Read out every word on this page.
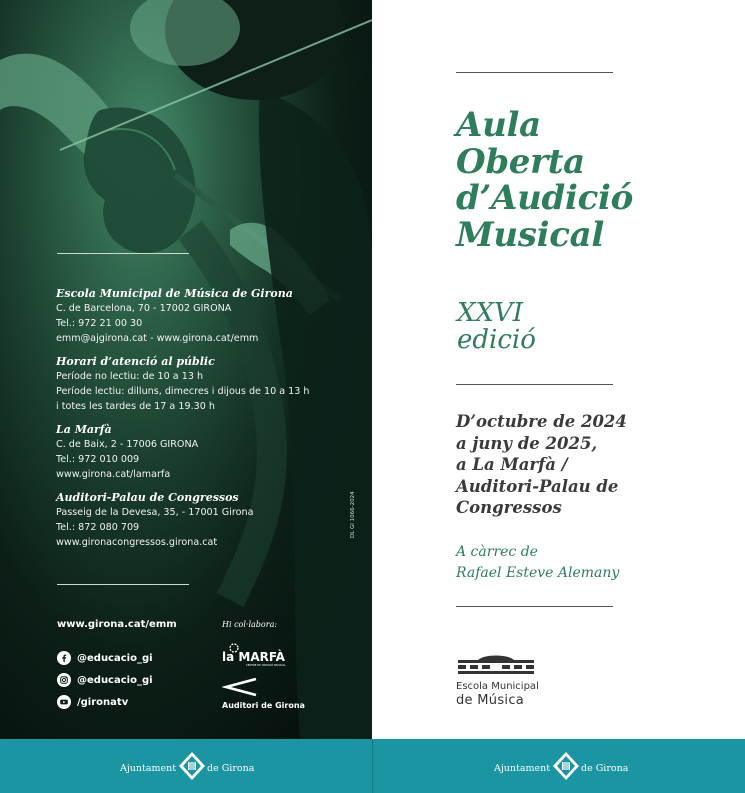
Escola Municipal de Música de Girona

C. de Barcelona, 70 - 17002 GIRONA

Tel.: 972 21 00 30

emm@ajgirona.cat - www.girona.cat/emm

Horari d’atenció al públic

Període no lectiu: de 10 a 13 h

Període lectiu: dilluns, dimecres i dijous de 10 a 13 h

i totes les tardes de 17 a 19.30 h

La Marfà

C. de Baix, 2 - 17006 GIRONA

Tel.: 972 010 009

www.girona.cat/lamarfa

Auditori-Palau de Congressos

Passeig de la Devesa, 35, - 17001 Girona

Tel.: 872 080 709

www.gironacongressos.girona.cat

DL GI 1066-2024
www.girona.cat/emm
@educacio_gi
@educacio_gi
/gironatv
Hi col·labora:
la MARFÀ
CENTRE DE CREACIÓ MUSICAL
Auditori de Girona
Aula
Oberta
d’Audició
Musical
XXVI
edició
D’octubre de 2024
a juny de 2025,
a La Marfà /
Auditori-Palau de
Congressos
A càrrec de
Rafael Esteve Alemany
Escola Municipal
de Música
Ajuntament	de Girona	Ajuntament	de Girona
